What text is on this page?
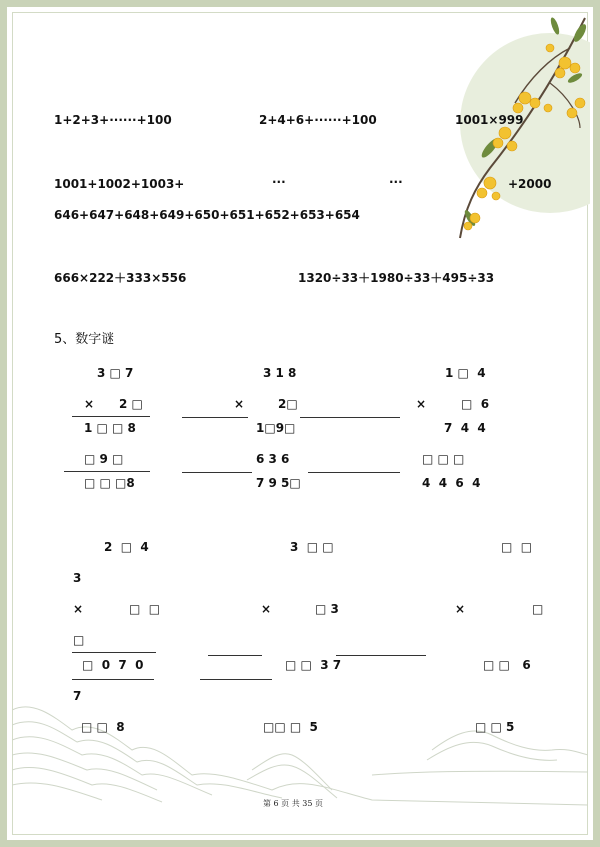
1+2+3+······+100	2+4+6+······+100	1001×999
1001+1002+1003+	···	···	+2000
646+647+648+649+650+651+652+653+654
666×222＋333×556	1320÷33＋1980÷33＋495÷33
5、数字谜
3 □ 7
× 2 □
1 □ □ 8
□ 9 □
□ □ □8
3 1 8
×	2□
1□9□
6 3 6
7 9 5□
1 □  4
×	□  6
7  4  4
□ □ □
4  4  6  4
2  □  4	3  □ □	□  □
3
×	□  □	×	□ 3	×	□
□
□  0  7  0	□ □  3 7	□ □   6
7
□ □  8	□□ □  5	□ □ 5
第 6 页 共 35 页
